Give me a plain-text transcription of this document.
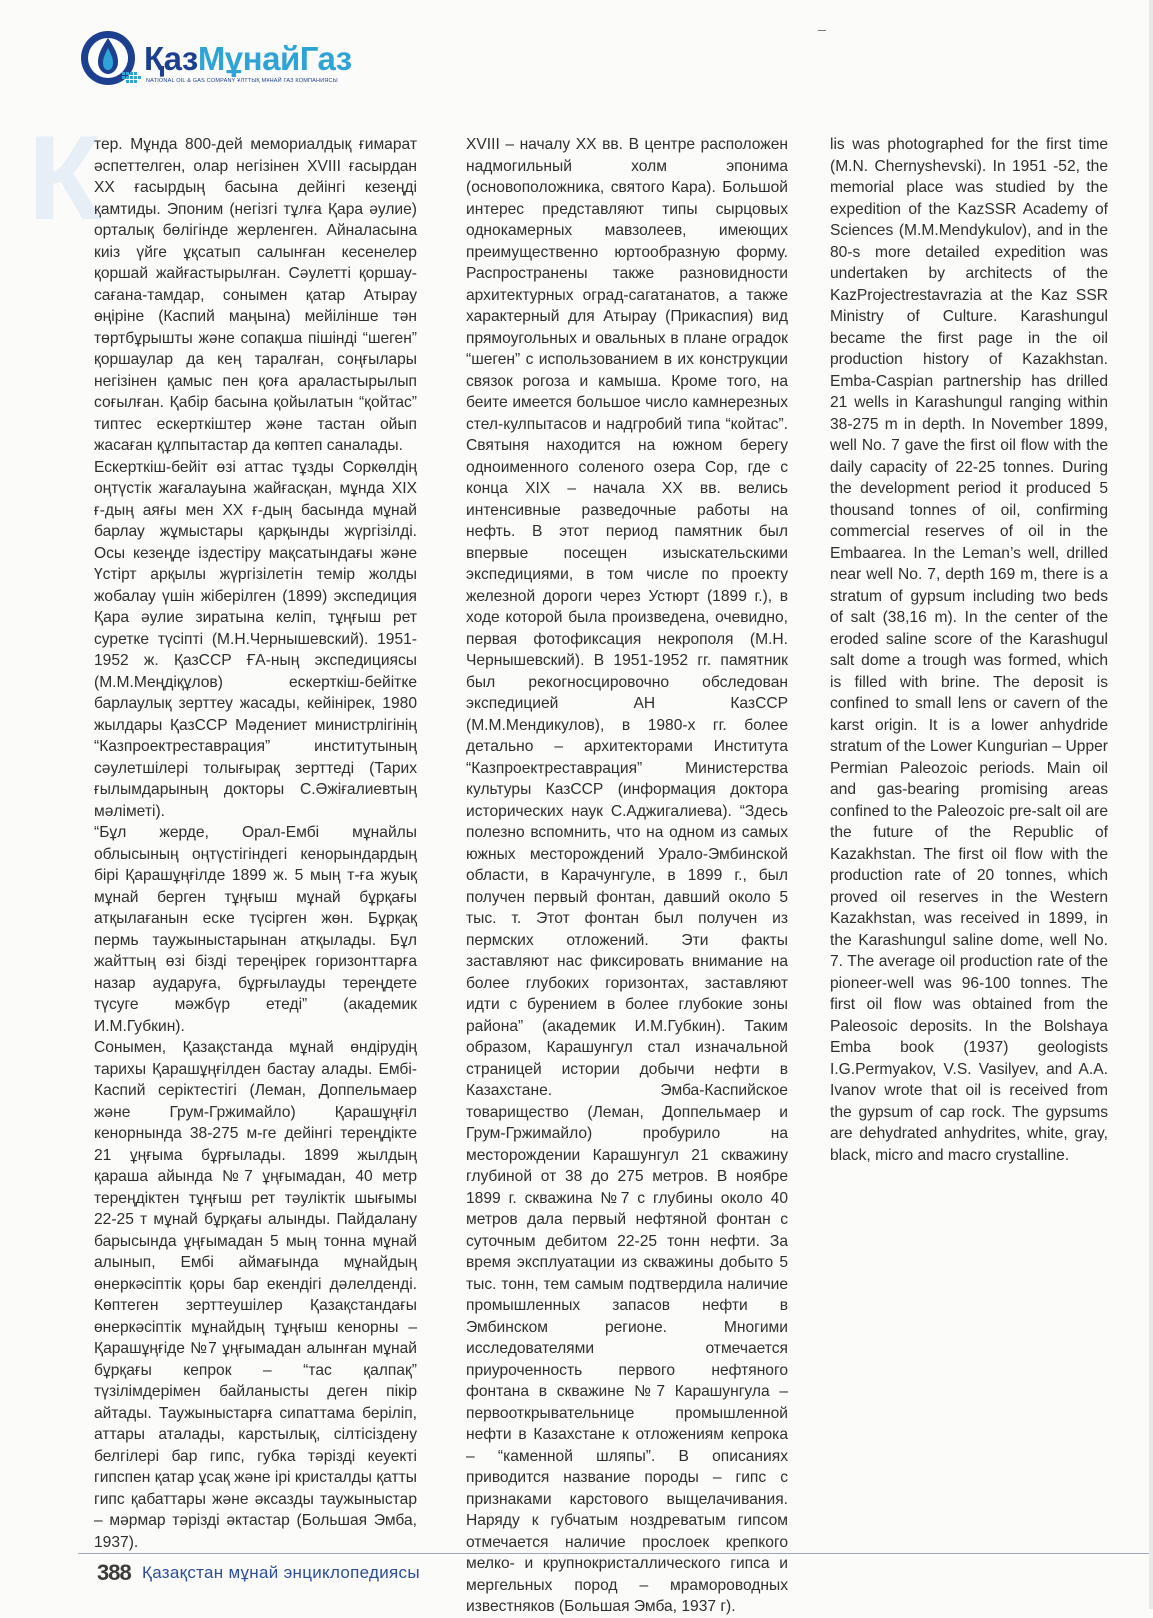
К
ҚазМұнайГаз
NATIONAL OIL & GAS COMPANY ҰЛТТЫҚ МҰНАЙ ГАЗ КОМПАНИЯСЫ

тер. Мұнда 800-дей мемориалдық ғимарат әспеттелген, олар негізінен XVIII ғасырдан XX ғасырдың басына дейінгі кезеңді қамтиды. Эпоним (негізгі тұлға Қара әулие) орталық бөлігінде жерленген. Айналасына киіз үйге ұқсатып салынған кесенелер қоршай жайғастырылған. Сәулетті қоршау-сағана-тамдар, сонымен қатар Атырау өңіріне (Каспий маңына) мейілінше тән төртбұрышты және сопақша пішінді “шеген” қоршаулар да кең таралған, соңғылары негізінен қамыс пен қоға араластырылып соғылған. Қабір басына қойылатын “қойтас” типтес ескерткіштер және тастан ойып жасаған құлпытастар да көптеп саналады.

Ескерткіш-бейіт өзі аттас тұзды Соркөлдің оңтүстік жағалауына жайғасқан, мұнда XIX ғ-дың аяғы мен XX ғ-дың басында мұнай барлау жұмыстары қарқынды жүргізілді. Осы кезеңде іздестіру мақсатындағы және Үстірт арқылы жүргізілетін темір жолды жобалау үшін жіберілген (1899) экспедиция Қара әулие зиратына келіп, тұңғыш рет суретке түсіпті (М.Н.Чернышевский). 1951-1952 ж. ҚазССР ҒА-ның экспедициясы (М.М.Меңдіқұлов) ескерткіш-бейітке барлаулық зерттеу жасады, кейінірек, 1980 жылдары ҚазССР Мәдениет министрлігінің “Казпроектреставрация” институтының сәулетшілері толығырақ зерттеді (Тарих ғылымдарының докторы С.Әжіғалиевтың мәліметі).

“Бұл жерде, Орал-Ембі мұнайлы облысының оңтүстігіндегі кенорындардың бірі Қарашұңғілде 1899 ж. 5 мың т-ға жуық мұнай берген тұңғыш мұнай бұрқағы атқылағанын еске түсірген жөн. Бұрқақ пермь таужыныстарынан атқылады. Бұл жайттың өзі бізді тереңірек горизонттарға назар аударуға, бұрғылауды тереңдете түсуге мәжбүр етеді” (академик И.М.Губкин).

Сонымен, Қазақстанда мұнай өндірудің тарихы Қарашұңғілден бастау алады. Ембі-Каспий серіктестігі (Леман, Доппельмаер және Грум-Гржимайло) Қарашұңғіл кенорнында 38-275 м-ге дейінгі тереңдікте 21 ұңғыма бұрғылады. 1899 жылдың қараша айында №7 ұңғымадан, 40 метр тереңдіктен тұңғыш рет тәуліктік шығымы 22-25 т мұнай бұрқағы алынды. Пайдалану барысында ұңғымадан 5 мың тонна мұнай алынып, Ембі аймағында мұнайдың өнеркәсіптік қоры бар екендігі дәлелденді. Көптеген зерттеушілер Қазақстандағы өнеркәсіптік мұнайдың тұңғыш кенорны – Қарашұңғіде №7 ұңғымадан алынған мұнай бұрқағы кепрок – “тас қалпақ” түзілімдерімен байланысты деген пікір айтады. Таужыныстарға сипаттама беріліп, аттары аталады, карстылық, сілтісіздену белгілері бар гипс, губка тәрізді кеуекті гипспен қатар ұсақ және ірі кристалды қатты гипс қабаттары және әксазды таужыныстар – мәрмар тәрізді әктастар (Большая Эмба, 1937).

XVIII – началу XX вв. В центре расположен надмогильный холм эпонима (основоположника, святого Кара). Большой интерес представляют типы сырцовых однокамерных мавзолеев, имеющих преимущественно юртообразную форму. Распространены также разновидности архитектурных оград-сагатанатов, а также характерный для Атырау (Прикаспия) вид прямоугольных и овальных в плане оградок “шеген” с использованием в их конструкции связок рогоза и камыша. Кроме того, на беите имеется большое число камнерезных стел-кулпытасов и надгробий типа “койтас”. Святыня находится на южном берегу одноименного соленого озера Сор, где с конца XIX – начала XX вв. велись интенсивные разведочные работы на нефть. В этот период памятник был впервые посещен изыскательскими экспедициями, в том числе по проекту железной дороги через Устюрт (1899 г.), в ходе которой была произведена, очевидно, первая фотофиксация некрополя (М.Н. Чернышевский). В 1951-1952 гг. памятник был рекогносцировочно обследован экспедицией АН КазССР (М.М.Мендикулов), в 1980-х гг. более детально – архитекторами Института “Казпроектреставрация” Министерства культуры КазССР (информация доктора исторических наук С.Аджигалиева). “Здесь полезно вспомнить, что на одном из самых южных месторождений Урало-Эмбинской области, в Карачунгуле, в 1899 г., был получен первый фонтан, давший около 5 тыс. т. Этот фонтан был получен из пермских отложений. Эти факты заставляют нас фиксировать внимание на более глубоких горизонтах, заставляют идти с бурением в более глубокие зоны района” (академик И.М.Губкин). Таким образом, Карашунгул стал изначальной страницей истории добычи нефти в Казахстане. Эмба-Каспийское товарищество (Леман, Доппельмаер и Грум-Гржимайло) пробурило на месторождении Карашунгул 21 скважину глубиной от 38 до 275 метров. В ноябре 1899 г. скважина №7 с глубины около 40 метров дала первый нефтяной фонтан с суточным дебитом 22-25 тонн нефти. За время эксплуатации из скважины добыто 5 тыс. тонн, тем самым подтвердила наличие промышленных запасов нефти в Эмбинском регионе. Многими исследователями отмечается приуроченность первого нефтяного фонтана в скважине №7 Карашунгула – первооткрывательнице промышленной нефти в Казахстане к отложениям кепрока – “каменной шляпы”. В описаниях приводится название породы – гипс с признаками карстового выщелачивания. Наряду к губчатым ноздреватым гипсом отмечается наличие прослоек крепкого мелко- и крупнокристаллического гипса и мергельных пород – мрамороводных известняков (Большая Эмба, 1937 г).

lis was photographed for the first time (M.N. Chernyshevski). In 1951 -52, the memorial place was studied by the expedition of the KazSSR Academy of Sciences (M.M.Mendykulov), and in the 80-s more detailed expedition was undertaken by architects of the KazProjectrestavrazia at the Kaz SSR Ministry of Culture. Karashungul became the first page in the oil production history of Kazakhstan. Emba-Caspian partnership has drilled 21 wells in Karashungul ranging within 38-275 m in depth. In November 1899, well No. 7 gave the first oil flow with the daily capacity of 22-25 tonnes. During the development period it produced 5 thousand tonnes of oil, confirming commercial reserves of oil in the Embaarea. In the Leman’s well, drilled near well No. 7, depth 169 m, there is a stratum of gypsum including two beds of salt (38,16 m). In the center of the eroded saline score of the Karashugul salt dome a trough was formed, which is filled with brine. The deposit is confined to small lens or cavern of the karst origin. It is a lower anhydride stratum of the Lower Kungurian – Upper Permian Paleozoic periods. Main oil and gas-bearing promising areas confined to the Paleozoic pre-salt oil are the future of the Republic of Kazakhstan. The first oil flow with the production rate of 20 tonnes, which proved oil reserves in the Western Kazakhstan, was received in 1899, in the Karashungul saline dome, well No. 7. The average oil production rate of the pioneer-well was 96-100 tonnes. The first oil flow was obtained from the Paleosoic deposits. In the Bolshaya Emba book (1937) geologists I.G.Permyakov, V.S. Vasilyev, and A.A. Ivanov wrote that oil is received from the gypsum of cap rock. The gypsums are dehydrated anhydrites, white, gray, black, micro and macro crystalline.

388 Қазақстан мұнай энциклопедиясы
